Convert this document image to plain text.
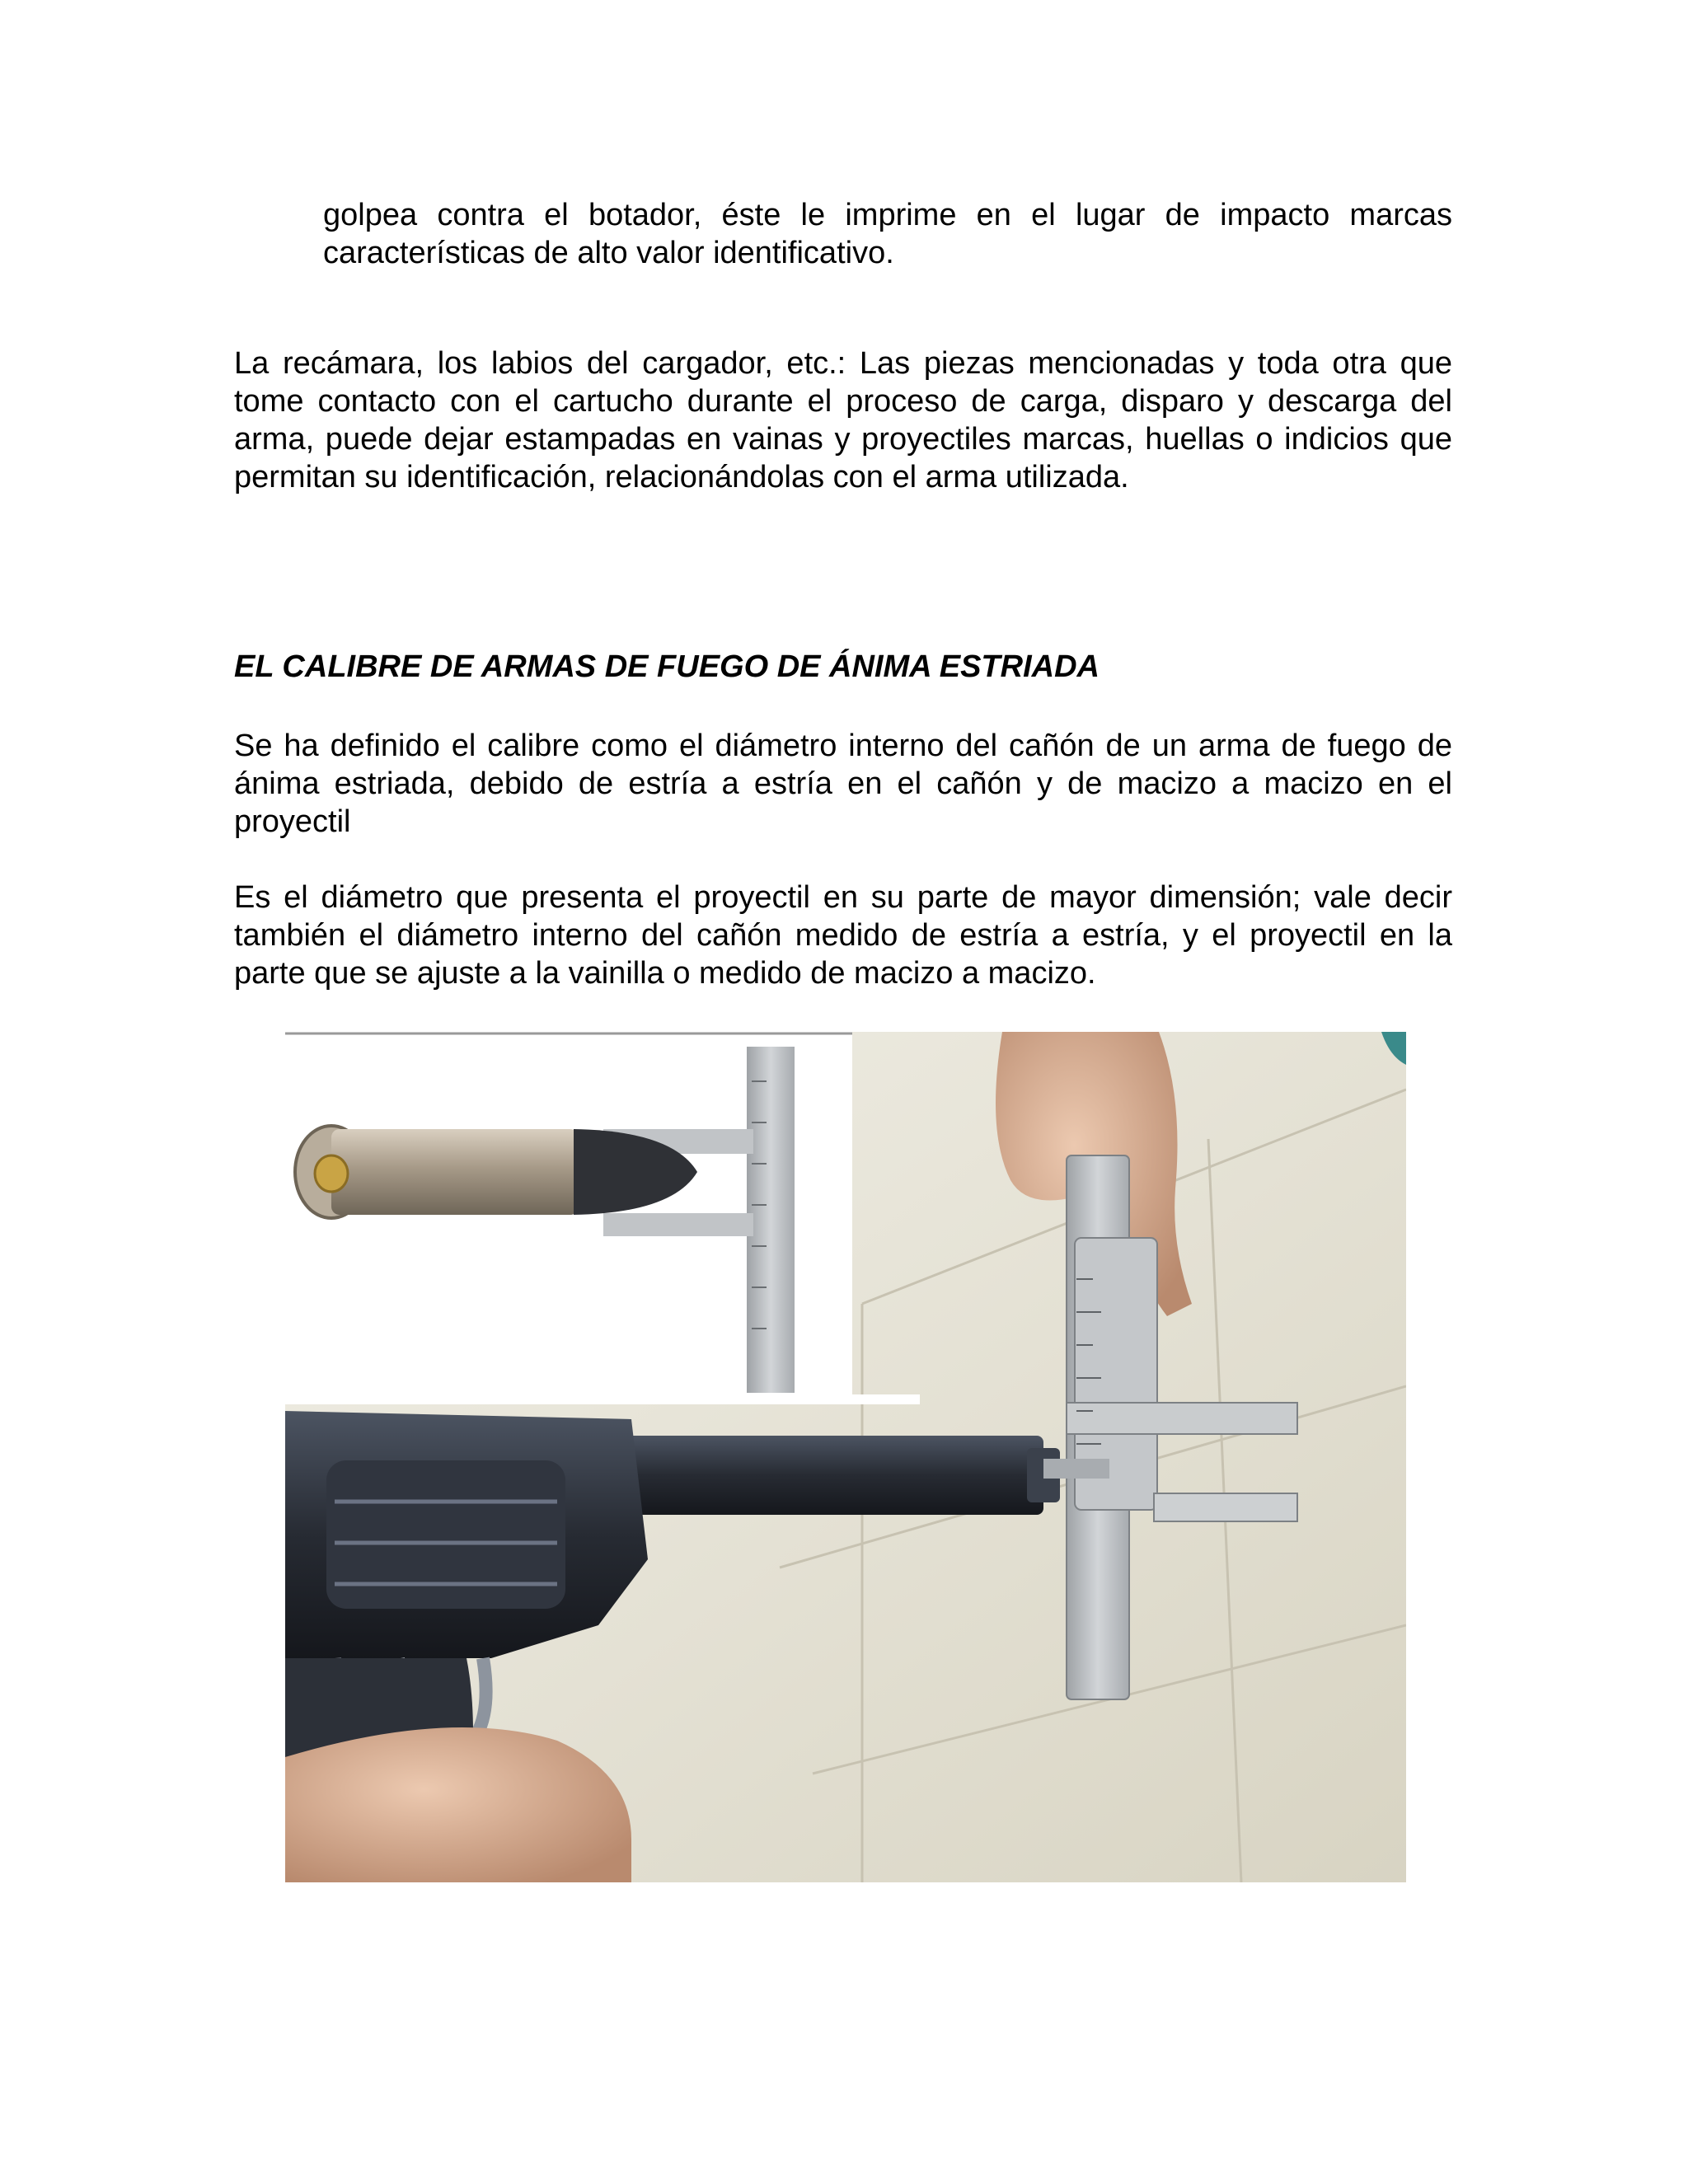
golpea contra el botador, éste le imprime en el lugar de impacto marcas características de alto valor identificativo.

La recámara, los labios del cargador, etc.: Las piezas mencionadas y toda otra que tome contacto con el cartucho durante el proceso de carga, disparo y descarga del arma, puede dejar estampadas en vainas y proyectiles marcas, huellas o indicios que permitan su identificación, relacionándolas con el arma utilizada.

EL CALIBRE DE ARMAS DE FUEGO DE ÁNIMA ESTRIADA

Se ha definido el calibre como el diámetro interno del cañón de un arma de fuego de ánima estriada, debido de estría a estría en el cañón y de macizo a macizo en el proyectil

Es el diámetro que presenta el proyectil en su parte de mayor dimensión; vale decir también el diámetro interno del cañón medido de estría a estría, y el proyectil en la parte que se ajuste a la vainilla o medido de macizo a macizo.
